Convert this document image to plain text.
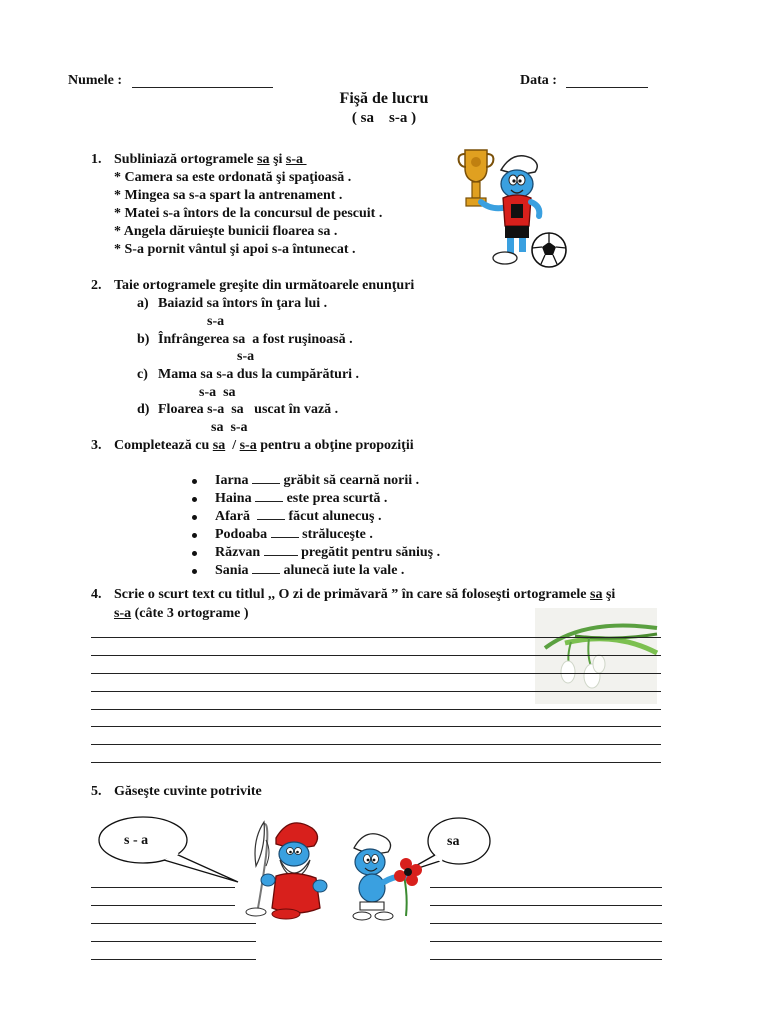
Numele :	Data :
Fişă de lucru
( sa    s-a )
1. Subliniază ortogramele sa şi s-a
* Camera sa este ordonată şi spaţioasă .
* Mingea sa s-a spart la antrenament .
* Matei s-a întors de la concursul de pescuit .
* Angela dăruieşte bunicii floarea sa .
* S-a pornit vântul şi apoi s-a întunecat .
2. Taie ortogramele greşite din următoarele enunţuri
a) Baiazid sa întors în ţara lui .
s-a
b) Înfrângerea sa  a fost ruşinoasă .
s-a
c) Mama sa s-a dus la cumpărături .
s-a  sa
d) Floarea s-a  sa   uscat în vază .
sa  s-a
3. Completează cu sa / s-a pentru a obţine propoziţii
Iarna	grăbit să cearnă norii .
Haina	este prea scurtă .
Afară	făcut alunecuş .
Podoaba	străluceşte .
Răzvan	pregătit pentru săniuş .
Sania	alunecă iute la vale .
4. Scrie o scurt text cu titlul ,, O zi de primăvară ” în care să foloseşti ortogramele sa şi
s-a (câte 3 ortograme )
5. Găseşte cuvinte potrivite
s - a	sa
